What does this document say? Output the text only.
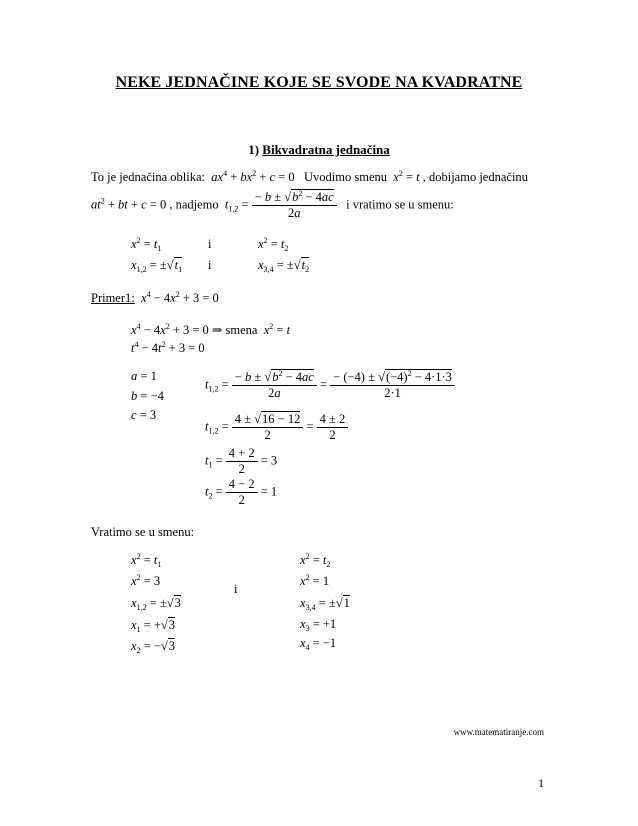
NEKE JEDNAČINE KOJE SE SVODE NA KVADRATNE
1) Bikvadratna jednačina
To je jednačina oblika: $ax^4 + bx^2 + c = 0$   Uvodimo smenu $x^2 = t$ , dobijamo jednačinu
$at^2$ + bt + c = 0 , nadjemo $t_{1,2} = \frac{- b \pm √b^2 - 4ac}{2a}$ i vratimo se u smenu:
$x^2 = t_1$	i	$x^2 = t_2$
$x_{1,2} = \pm√t_1$ i	$x_{3,4} = \pm√t_2$
Primer1: $x^4 - 4x^2 + 3 = 0$
$x^4 - 4x^2 + 3 = 0$ ⇒ smena $x^2 = t$
$t^4 - 4t^2 + 3 = 0$
a = 1
b = −4
c = 3
$t_{1,2} = \frac{- b \pm √b^2 - 4ac}{2a} = \frac{- (-4) \pm √(-4)^2 - 4\cdot 1\cdot 3}{2\cdot 1}$
$t_{1,2} = \frac{4 \pm √16 - 12}{2} = \frac{4 \pm 2}{2}$
$t_1 = \frac{4 + 2}{2} = 3$
$t_2 = \frac{4 - 2}{2} = 1$
Vratimo se u smenu:
$x^2 = t_1$
$x^2 = 3$
$x_{1,2} = \pm√3$
$x_1 = +√3$
$x_2 = -√3$
i
$x^2 = t_2$
$x^2 = 1$
$x_{3,4} = \pm√1$
$x_3 = +1$
$x_4 = -1$
www.matematiranje.com
1
